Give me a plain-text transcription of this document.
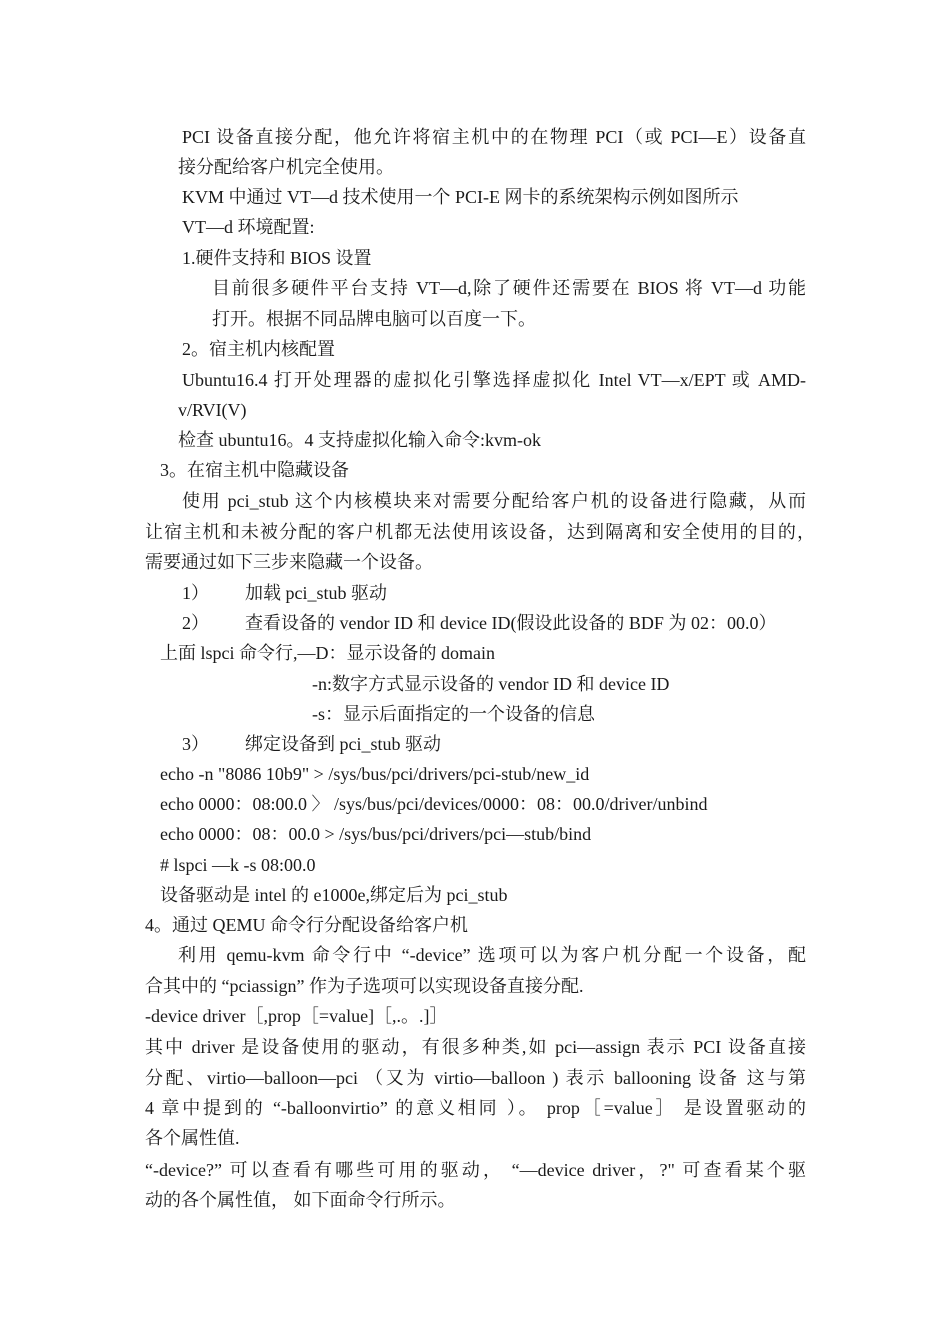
PCI 设备直接分配，他允许将宿主机中的在物理 PCI（或 PCI—E）设备直
接分配给客户机完全使用。
KVM 中通过 VT—d 技术使用一个 PCI-E 网卡的系统架构示例如图所示
VT—d 环境配置:
1.硬件支持和 BIOS 设置
目前很多硬件平台支持 VT—d,除了硬件还需要在 BIOS 将 VT—d 功能
打开。根据不同品牌电脑可以百度一下。
2。宿主机内核配置
Ubuntu16.4 打开处理器的虚拟化引擎选择虚拟化 Intel VT—x/EPT 或 AMD-
v/RVI(V)
检查 ubuntu16。4 支持虚拟化输入命令:kvm-ok
3。在宿主机中隐藏设备
使用 pci_stub 这个内核模块来对需要分配给客户机的设备进行隐藏，从而
让宿主机和未被分配的客户机都无法使用该设备，达到隔离和安全使用的目的，
需要通过如下三步来隐藏一个设备。
1） 加载 pci_stub 驱动
2） 查看设备的 vendor ID 和 device ID(假设此设备的 BDF 为 02：00.0）
上面 lspci 命令行,—D：显示设备的 domain
-n:数字方式显示设备的 vendor ID 和 device ID
-s：显示后面指定的一个设备的信息
3） 绑定设备到 pci_stub 驱动
echo -n "8086 10b9" > /sys/bus/pci/drivers/pci-stub/new_id
echo 0000：08:00.0 〉 /sys/bus/pci/devices/0000：08：00.0/driver/unbind
echo 0000：08：00.0 > /sys/bus/pci/drivers/pci—stub/bind
# lspci —k -s 08:00.0
设备驱动是 intel 的 e1000e,绑定后为 pci_stub
4。通过 QEMU 命令行分配设备给客户机
利用 qemu-kvm 命令行中 “-device” 选项可以为客户机分配一个设备，配
合其中的 “pciassign” 作为子选项可以实现设备直接分配.
-device driver［,prop［=value]［,.。.]］
其中 driver 是设备使用的驱动，有很多种类,如 pci—assign 表示 PCI 设备直接
分配、virtio—balloon—pci （又为 virtio—balloon ) 表示 ballooning 设备 这与第
4 章中提到的 “-balloonvirtio” 的意义相同 ）。 prop［=value］ 是设置驱动的
各个属性值.
“-device?” 可以查看有哪些可用的驱动， “—device driver，?" 可查看某个驱
动的各个属性值， 如下面命令行所示。
